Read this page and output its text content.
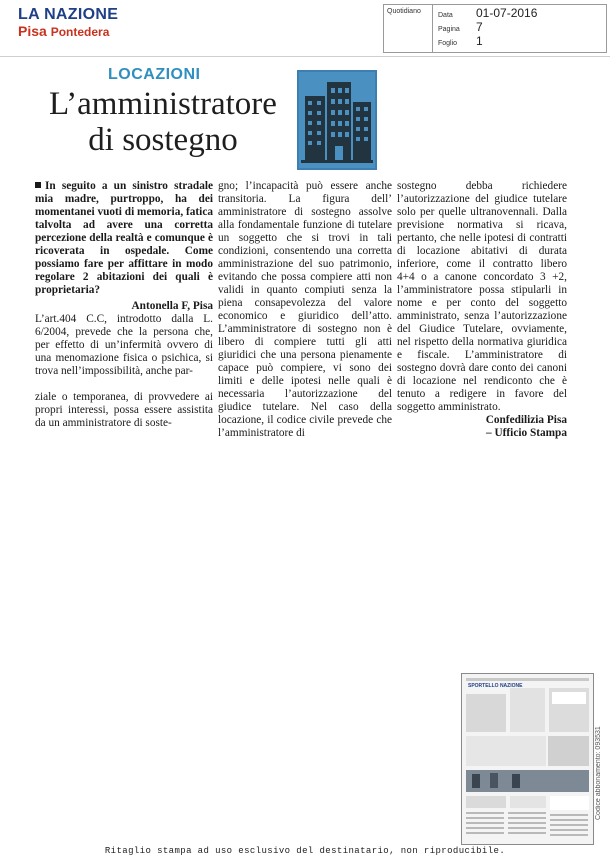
LA NAZIONE
Pisa Pontedera
Quotidiano
Data
Pagina
Foglio
01-07-2016
7
1
LOCAZIONI
L’amministratore
di sostegno

In seguito a un sinistro stradale mia madre, purtroppo, ha dei momentanei vuoti di memoria, fatica talvolta ad avere una corretta percezione della realtà e comunque è ricoverata in ospedale. Come possiamo fare per affittare in modo regolare 2 abitazioni dei quali è proprietaria?

Antonella F, Pisa

L’art.404 C.C, introdotto dalla L. 6/2004, prevede che la persona che, per effetto di un’infermità ovvero di una menomazione fisica o psichica, si trova nell’impossibilità, anche par-

ziale o temporanea, di provvedere ai propri interessi, possa essere assistita da un amministratore di soste-

gno; l’incapacità può essere anche transitoria. La figura dell’ amministratore di sostegno assolve alla fondamentale funzione di tutelare un soggetto che si trovi in tali condizioni, consentendo una corretta amministrazione del suo patrimonio, evitando che possa compiere atti non validi in quanto compiuti senza la piena consapevolezza del valore economico e giuridico dell’atto. L’amministratore di sostegno non è libero di compiere tutti gli atti giuridici che una persona pienamente capace può compiere, vi sono dei limiti e delle ipotesi nelle quali è necessaria l’autorizzazione del giudice tutelare. Nel caso della locazione, il codice civile prevede che l’amministratore di

sostegno debba richiedere l’autorizzazione del giudice tutelare solo per quelle ultranovennali. Dalla previsione normativa si ricava, pertanto, che nelle ipotesi di contratti di locazione abitativi di durata inferiore, come il contratto libero 4+4 o a canone concordato 3 +2, l’amministratore possa stipularli in nome e per conto del soggetto amministrato, senza l’autorizzazione del Giudice Tutelare, ovviamente, nel rispetto della normativa giuridica e fiscale. L’amministratore di sostegno dovrà dare conto dei canoni di locazione nel rendiconto che è tenuto a redigere in favore del soggetto amministrato.

Confedilizia Pisa
– Ufficio Stampa
SPORTELLO NAZIONE
Codice abbonamento: 093531
Ritaglio stampa ad uso esclusivo del destinatario, non riproducibile.
